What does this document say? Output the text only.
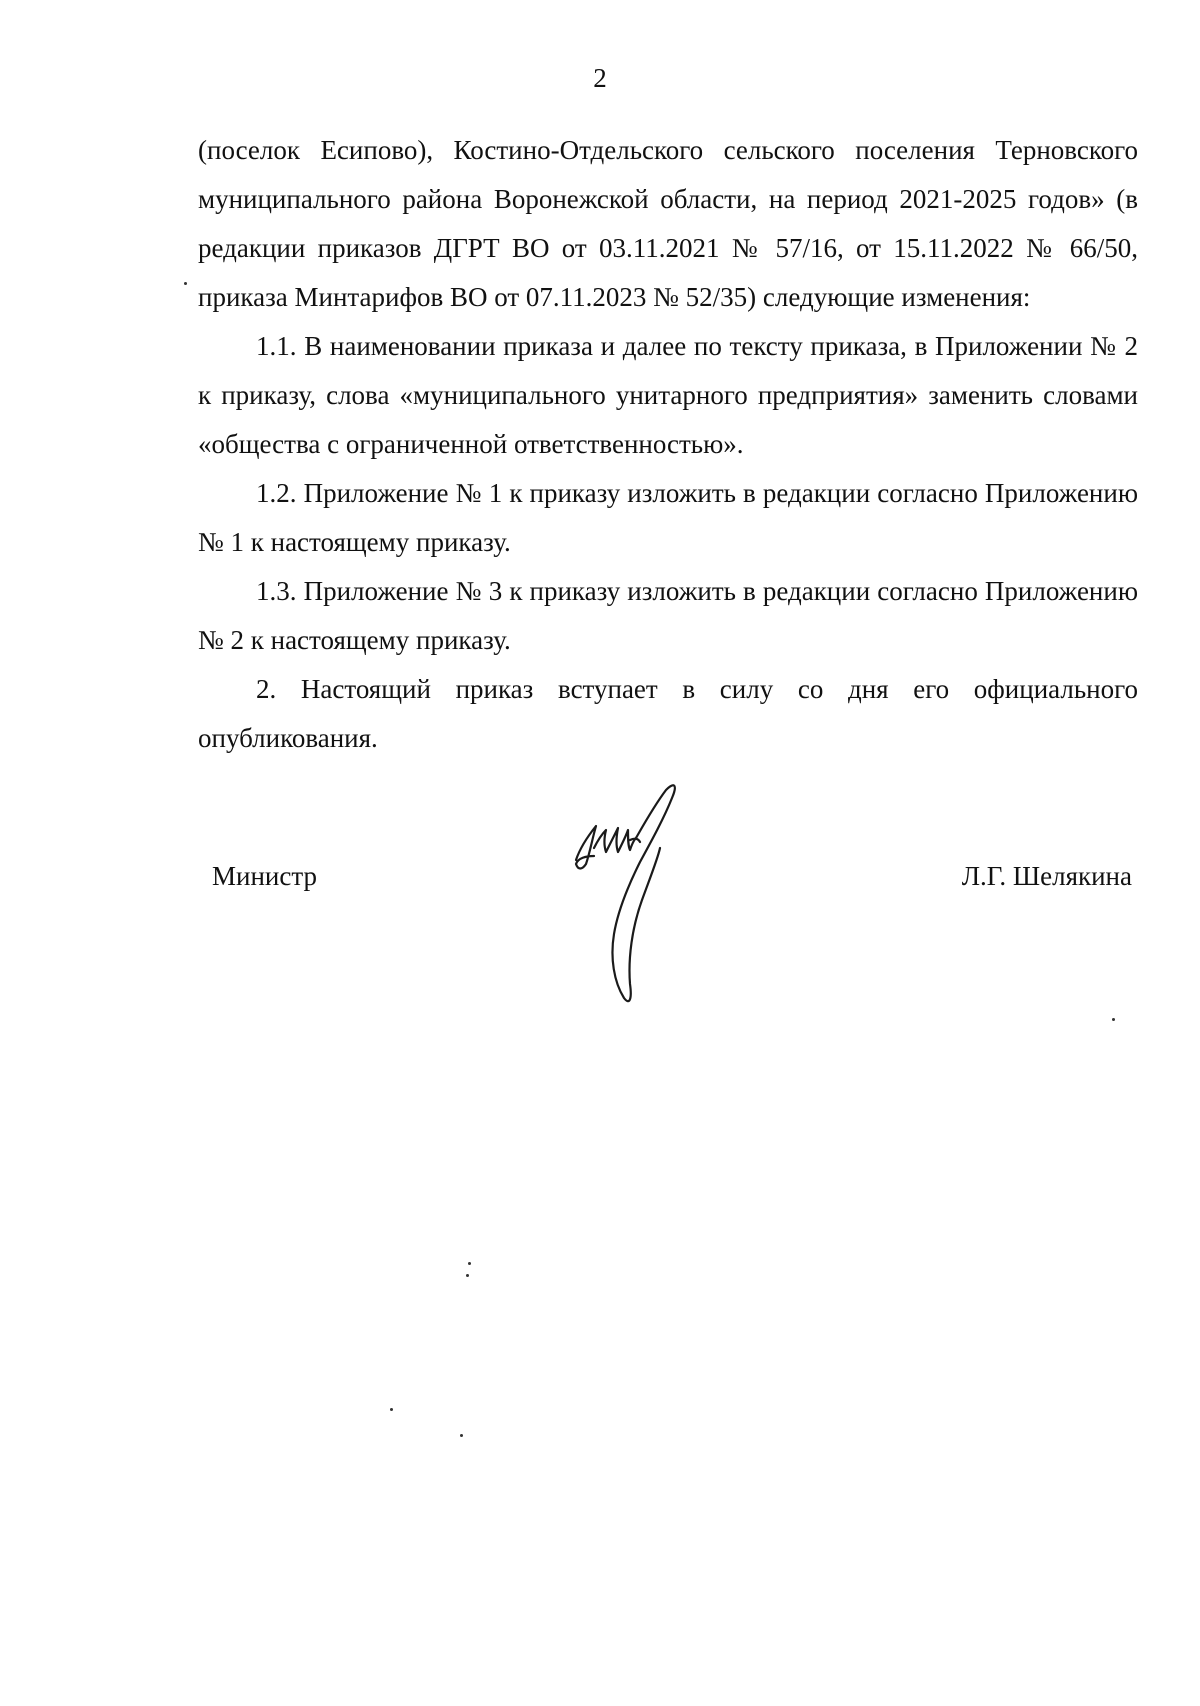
2

(поселок Есипово), Костино-Отдельского сельского поселения Терновского муниципального района Воронежской области, на период 2021-2025 годов» (в редакции приказов ДГРТ ВО от 03.11.2021 № 57/16, от 15.11.2022 № 66/50, приказа Минтарифов ВО от 07.11.2023 № 52/35) следующие изменения:

1.1. В наименовании приказа и далее по тексту приказа, в Приложении № 2 к приказу, слова «муниципального унитарного предприятия» заменить словами «общества с ограниченной ответственностью».

1.2. Приложение № 1 к приказу изложить в редакции согласно Приложению № 1 к настоящему приказу.

1.3. Приложение № 3 к приказу изложить в редакции согласно Приложению № 2 к настоящему приказу.

2. Настоящий приказ вступает в силу со дня его официального опубликования.

Министр	Л.Г. Шелякина
